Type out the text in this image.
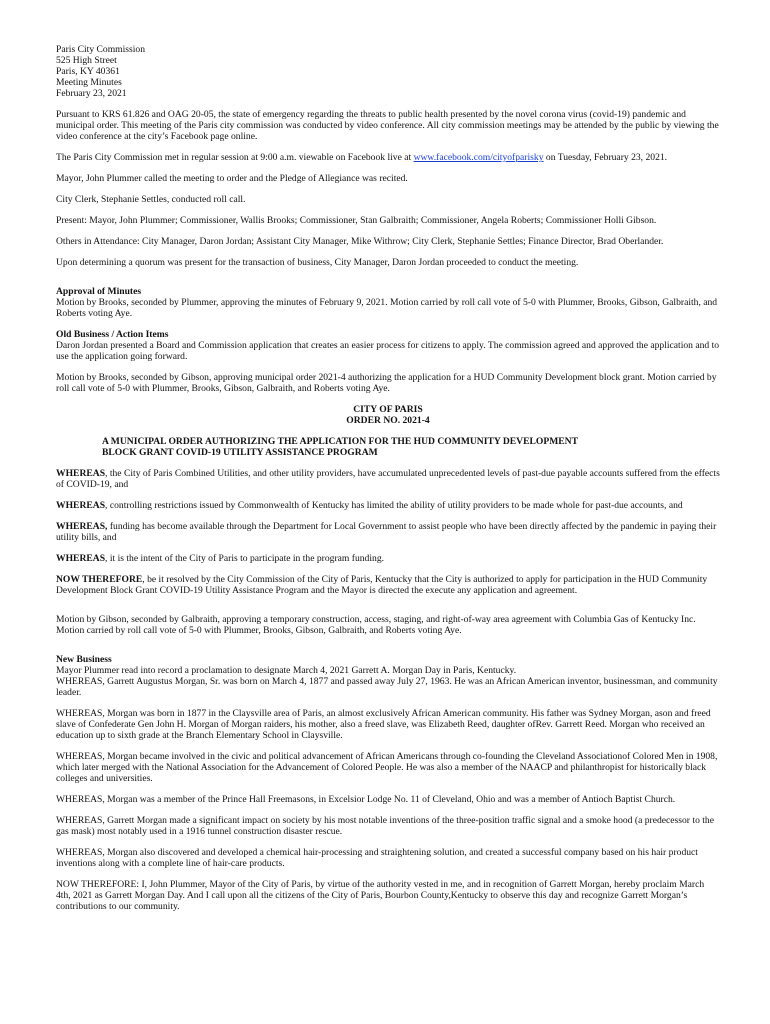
Paris City Commission
525 High Street
Paris, KY 40361
Meeting Minutes
February 23, 2021

Pursuant to KRS 61.826 and OAG 20-05, the state of emergency regarding the threats to public health presented by the novel corona virus (covid-19) pandemic and municipal order. This meeting of the Paris city commission was conducted by video conference. All city commission meetings may be attended by the public by viewing the video conference at the city’s Facebook page online.

The Paris City Commission met in regular session at 9:00 a.m. viewable on Facebook live at www.facebook.com/cityofparisky on Tuesday, February 23, 2021.

Mayor, John Plummer called the meeting to order and the Pledge of Allegiance was recited.

City Clerk, Stephanie Settles, conducted roll call.

Present: Mayor, John Plummer; Commissioner, Wallis Brooks; Commissioner, Stan Galbraith; Commissioner, Angela Roberts; Commissioner Holli Gibson.

Others in Attendance: City Manager, Daron Jordan; Assistant City Manager, Mike Withrow; City Clerk, Stephanie Settles; Finance Director, Brad Oberlander.

Upon determining a quorum was present for the transaction of business, City Manager, Daron Jordan proceeded to conduct the meeting.

Approval of Minutes
Motion by Brooks, seconded by Plummer, approving the minutes of February 9, 2021. Motion carried by roll call vote of 5-0 with Plummer, Brooks, Gibson, Galbraith, and Roberts voting Aye.
Old Business / Action Items
Daron Jordan presented a Board and Commission application that creates an easier process for citizens to apply. The commission agreed and approved the application and to use the application going forward.

Motion by Brooks, seconded by Gibson, approving municipal order 2021-4 authorizing the application for a HUD Community Development block grant. Motion carried by roll call vote of 5-0 with Plummer, Brooks, Gibson, Galbraith, and Roberts voting Aye.

CITY OF PARIS
ORDER NO. 2021-4
A MUNICIPAL ORDER AUTHORIZING THE APPLICATION FOR THE HUD COMMUNITY DEVELOPMENT
BLOCK GRANT COVID-19 UTILITY ASSISTANCE PROGRAM

WHEREAS, the City of Paris Combined Utilities, and other utility providers, have accumulated unprecedented levels of past-due payable accounts suffered from the effects of COVID-19, and

WHEREAS, controlling restrictions issued by Commonwealth of Kentucky has limited the ability of utility providers to be made whole for past-due accounts, and

WHEREAS, funding has become available through the Department for Local Government to assist people who have been directly affected by the pandemic in paying their utility bills, and

WHEREAS, it is the intent of the City of Paris to participate in the program funding.

NOW THEREFORE, be it resolved by the City Commission of the City of Paris, Kentucky that the City is authorized to apply for participation in the HUD Community Development Block Grant COVID-19 Utility Assistance Program and the Mayor is directed the execute any application and agreement.

Motion by Gibson, seconded by Galbraith, approving a temporary construction, access, staging, and right-of-way area agreement with Columbia Gas of Kentucky Inc. Motion carried by roll call vote of 5-0 with Plummer, Brooks, Gibson, Galbraith, and Roberts voting Aye.

New Business
Mayor Plummer read into record a proclamation to designate March 4, 2021 Garrett A. Morgan Day in Paris, Kentucky.
WHEREAS, Garrett Augustus Morgan, Sr. was born on March 4, 1877 and passed away July 27, 1963. He was an African American inventor, businessman, and community leader.

WHEREAS, Morgan was born in 1877 in the Claysville area of Paris, an almost exclusively African American community. His father was Sydney Morgan, ason and freed slave of Confederate Gen John H. Morgan of Morgan raiders, his mother, also a freed slave, was Elizabeth Reed, daughter ofRev. Garrett Reed. Morgan who received an education up to sixth grade at the Branch Elementary School in Claysville.

WHEREAS, Morgan became involved in the civic and political advancement of African Americans through co-founding the Cleveland Associationof Colored Men in 1908, which later merged with the National Association for the Advancement of Colored People. He was also a member of the NAACP and philanthropist for historically black colleges and universities.

WHEREAS, Morgan was a member of the Prince Hall Freemasons, in Excelsior Lodge No. 11 of Cleveland, Ohio and was a member of Antioch Baptist Church.

WHEREAS, Garrett Morgan made a significant impact on society by his most notable inventions of the three-position traffic signal and a smoke hood (a predecessor to the gas mask) most notably used in a 1916 tunnel construction disaster rescue.

WHEREAS, Morgan also discovered and developed a chemical hair-processing and straightening solution, and created a successful company based on his hair product inventions along with a complete line of hair-care products.

NOW THEREFORE: I, John Plummer, Mayor of the City of Paris, by virtue of the authority vested in me, and in recognition of Garrett Morgan, hereby proclaim March 4th, 2021 as Garrett Morgan Day. And I call upon all the citizens of the City of Paris, Bourbon County,Kentucky to observe this day and recognize Garrett Morgan’s contributions to our community.
